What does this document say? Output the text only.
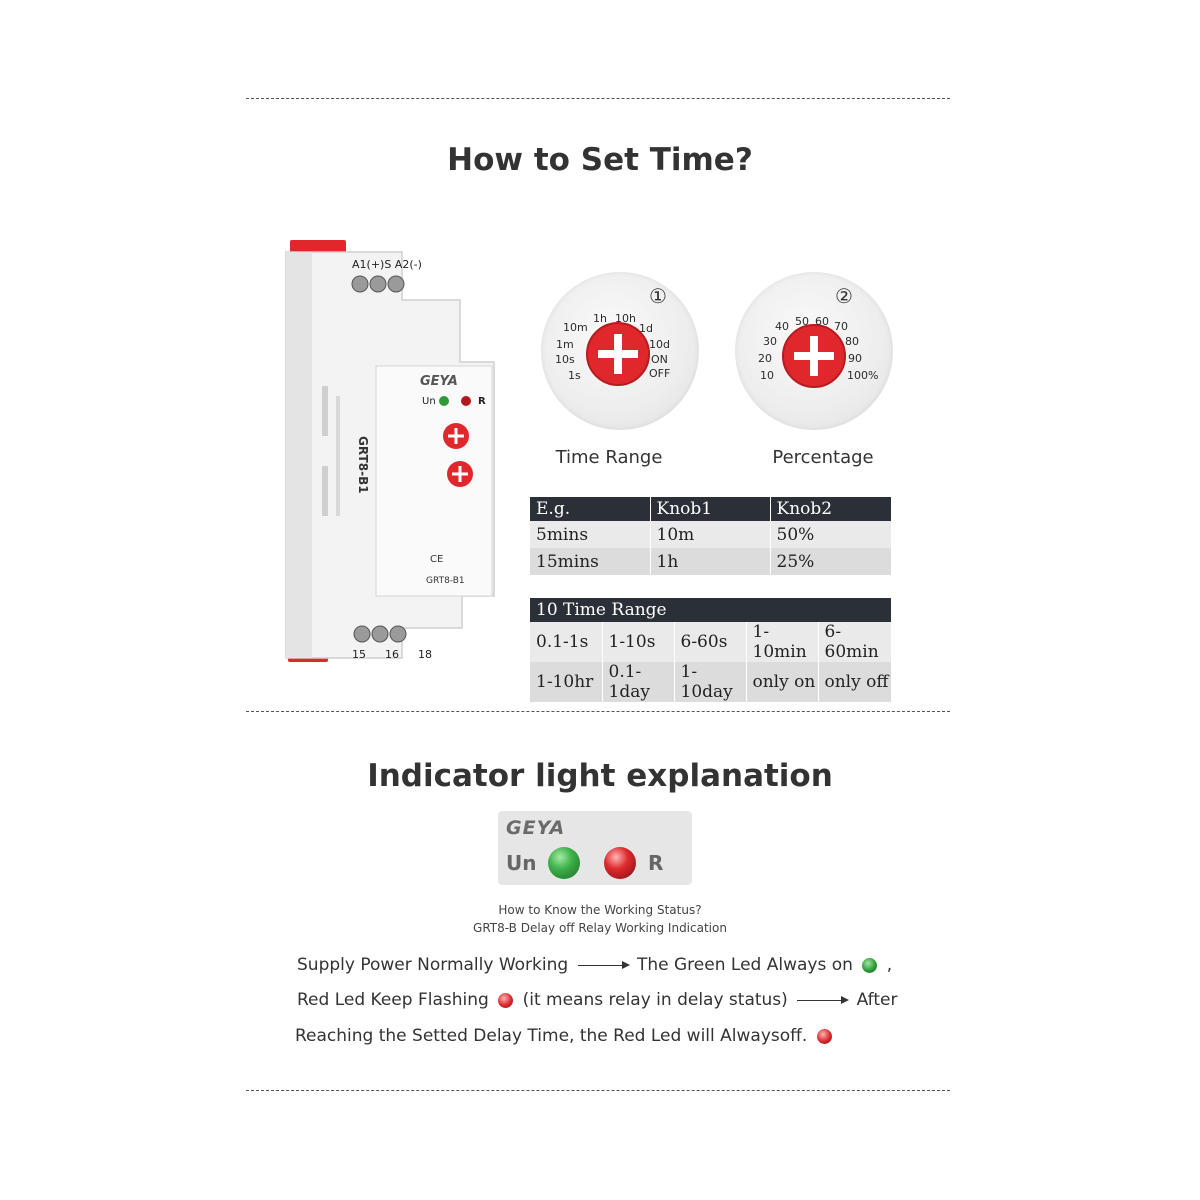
How to Set Time?
A1(+)S A2(-)
GEYA
Un	R
GRT8-B1
CE
GRT8-B1
15 16 18
①
1s
10s
1m
10m
1h 10h
1d
10d
ON
OFF
Time Range
②
10
20
30
40 50 60 70
80
90
100%
Percentage
E.g.	Knob1	Knob2
5mins	10m	50%
15mins	1h	25%
10 Time Range				
0.1-1s	1-10s	6-60s	1-10min	6-60min
1-10hr	0.1-1day	1-10day	only on	only off
Indicator light explanation
GEYA
Un	R
How to Know the Working Status?
GRT8-B Delay off Relay Working Indication
Supply Power Normally Working	The Green Led Always on ,
Red Led Keep Flashing (it means relay in delay status)	After
Reaching the Setted Delay Time, the Red Led will Alwaysoff.
